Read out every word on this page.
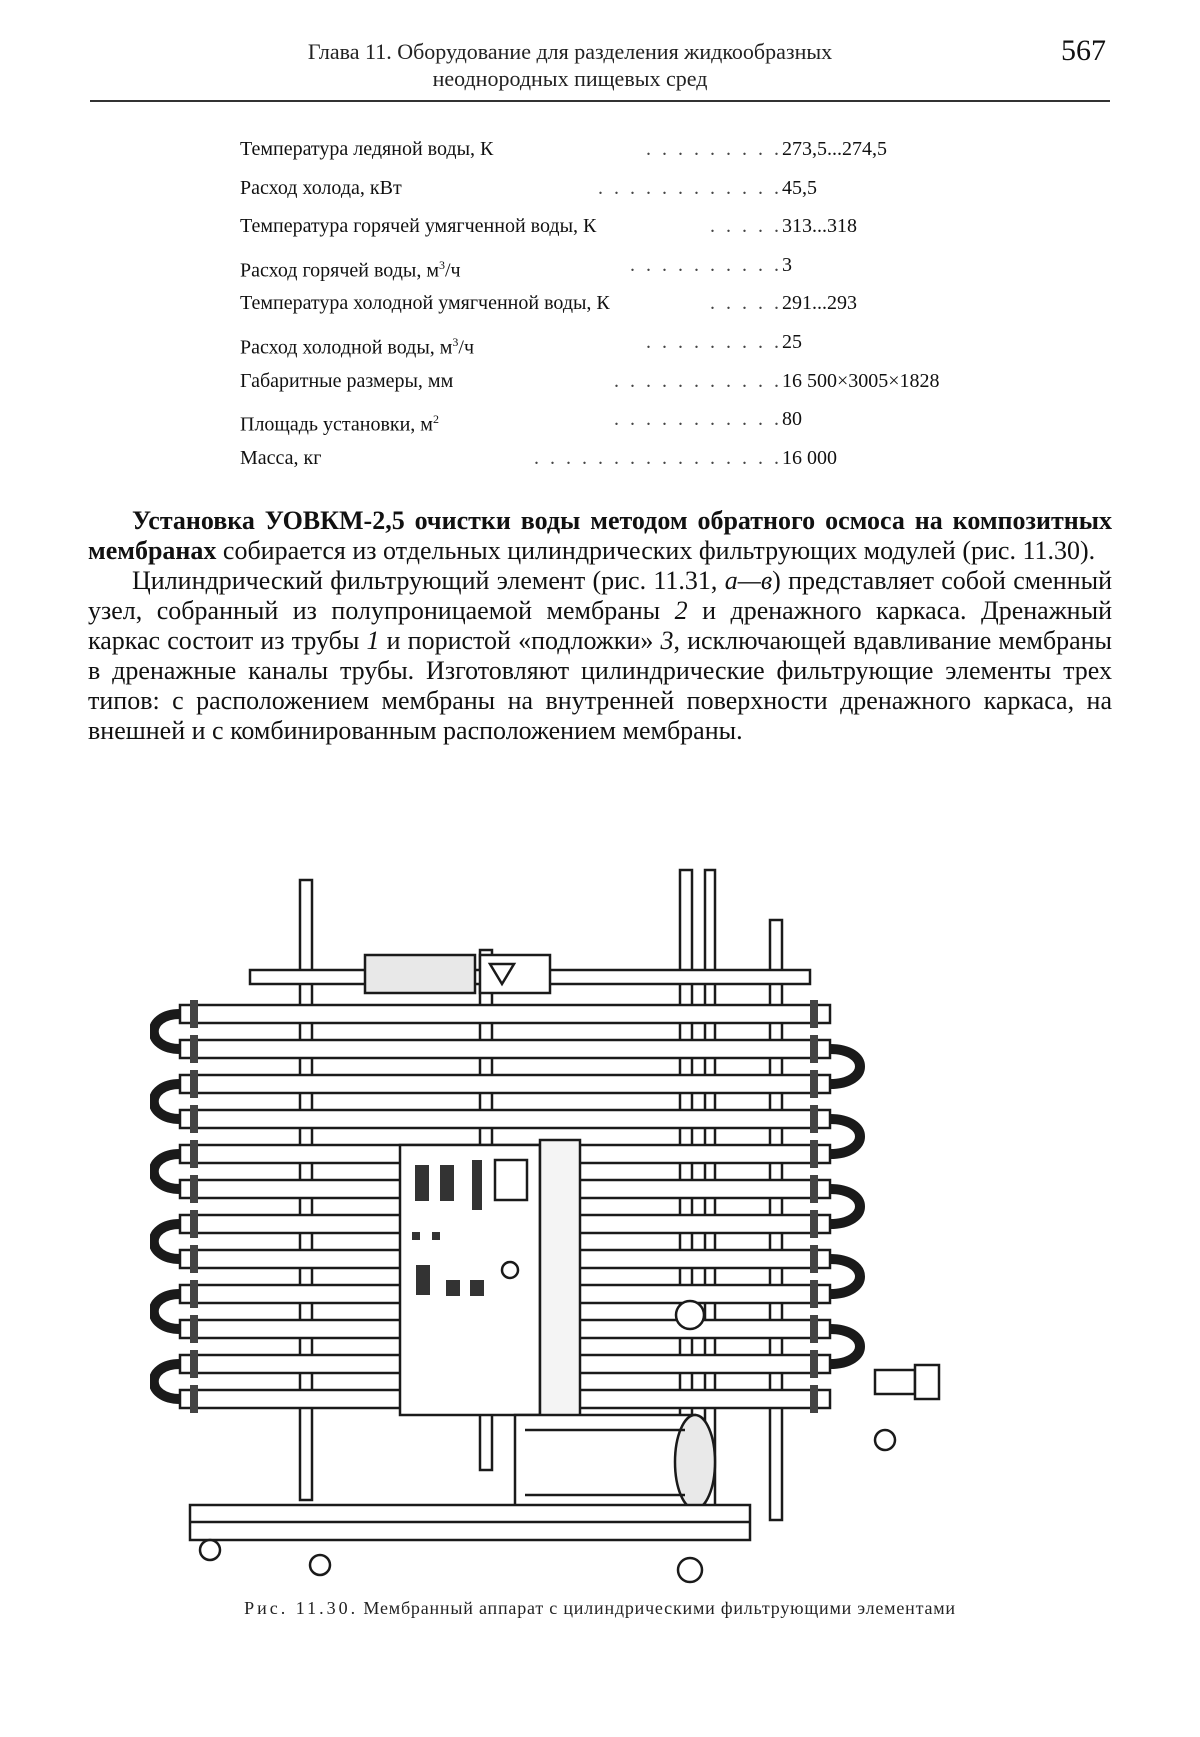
Глава 11. Оборудование для разделения жидкообразных
неоднородных пищевых сред
567
Температура ледяной воды, К	. . . . . . . . . 273,5...274,5
Расход холода, кВт	. . . . . . . . . . . . 45,5
Температура горячей умягченной воды, К	. . . . . 313...318
Расход горячей воды, $м^3/ч$	. . . . . . . . . . 3
Температура холодной умягченной воды, К	. . . . . 291...293
Расход холодной воды, $м^3/ч$	. . . . . . . . . 25
Габаритные размеры, мм	. . . . . . . . . . . 16 500×3005×1828
Площадь установки, $м^2$	. . . . . . . . . . . 80
Масса, кг	. . . . . . . . . . . . . . . . 16 000

Установка УОВКМ-2,5 очистки воды методом обратного осмоса на композитных мембранах собирается из отдельных цилиндрических фильтрующих модулей (рис. 11.30).

Цилиндрический фильтрующий элемент (рис. 11.31, а—в) представляет собой сменный узел, собранный из полупроницаемой мембраны 2 и дренажного каркаса. Дренажный каркас состоит из трубы 1 и пористой «подложки» 3, исключающей вдавливание мембраны в дренажные каналы трубы. Изготовляют цилиндрические фильтрующие элементы трех типов: с расположением мембраны на внутренней поверхности дренажного каркаса, на внешней и с комбинированным расположением мембраны.

Рис. 11.30. Мембранный аппарат с цилиндрическими фильтрующими элементами
